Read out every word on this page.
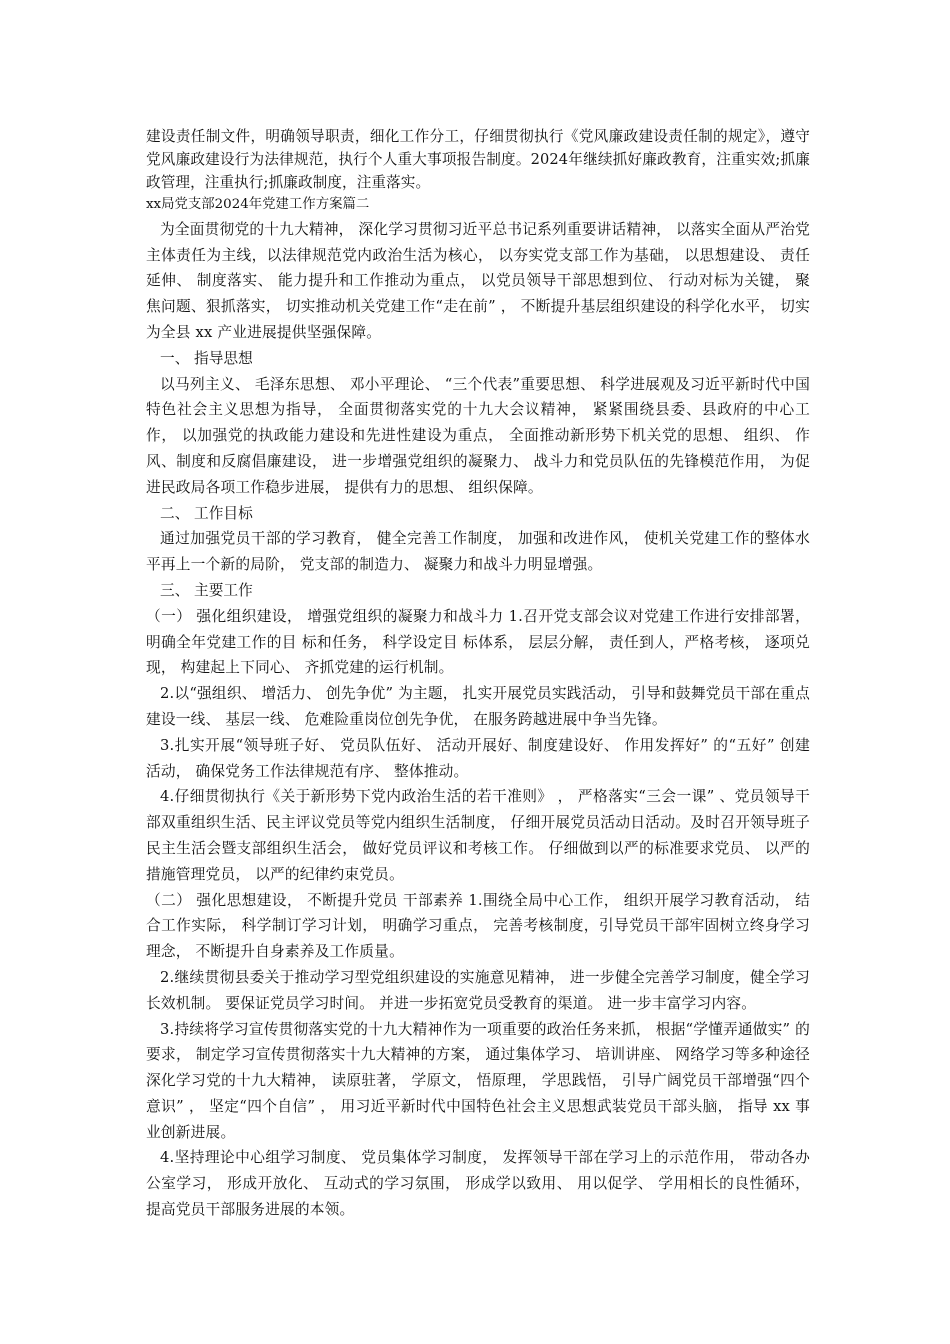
建设责任制文件，明确领导职责，细化工作分工，仔细贯彻执行《党风廉政建设责任制的规定》，遵守党风廉政建设行为法律规范，执行个人重大事项报告制度。2024年继续抓好廉政教育，注重实效;抓廉政管理，注重执行;抓廉政制度，注重落实。

xx局党支部2024年党建工作方案篇二

为全面贯彻党的十九大精神， 深化学习贯彻习近平总书记系列重要讲话精神， 以落实全面从严治党主体责任为主线，以法律规范党内政治生活为核心， 以夯实党支部工作为基础， 以思想建设、 责任延伸、 制度落实、 能力提升和工作推动为重点， 以党员领导干部思想到位、 行动对标为关键， 聚焦问题、狠抓落实， 切实推动机关党建工作“走在前” ， 不断提升基层组织建设的科学化水平， 切实为全县 xx 产业进展提供坚强保障。

一、 指导思想

以马列主义、 毛泽东思想、 邓小平理论、 “三个代表”重要思想、 科学进展观及习近平新时代中国特色社会主义思想为指导， 全面贯彻落实党的十九大会议精神， 紧紧围绕县委、县政府的中心工作， 以加强党的执政能力建设和先进性建设为重点， 全面推动新形势下机关党的思想、 组织、 作风、制度和反腐倡廉建设， 进一步增强党组织的凝聚力、 战斗力和党员队伍的先锋模范作用， 为促进民政局各项工作稳步进展， 提供有力的思想、 组织保障。

二、 工作目标

通过加强党员干部的学习教育， 健全完善工作制度， 加强和改进作风， 使机关党建工作的整体水平再上一个新的局阶， 党支部的制造力、 凝聚力和战斗力明显增强。

三、 主要工作

（一） 强化组织建设， 增强党组织的凝聚力和战斗力 1.召开党支部会议对党建工作进行安排部署， 明确全年党建工作的目 标和任务， 科学设定目 标体系， 层层分解， 责任到人，严格考核， 逐项兑现， 构建起上下同心、 齐抓党建的运行机制。

2.以“强组织、 增活力、 创先争优” 为主题， 扎实开展党员实践活动， 引导和鼓舞党员干部在重点建设一线、 基层一线、 危难险重岗位创先争优， 在服务跨越进展中争当先锋。

3.扎实开展“领导班子好、 党员队伍好、 活动开展好、制度建设好、 作用发挥好” 的“五好” 创建活动， 确保党务工作法律规范有序、 整体推动。

4.仔细贯彻执行《关于新形势下党内政治生活的若干准则》 ， 严格落实“三会一课” 、党员领导干部双重组织生活、民主评议党员等党内组织生活制度， 仔细开展党员活动日活动。及时召开领导班子民主生活会暨支部组织生活会， 做好党员评议和考核工作。 仔细做到以严的标准要求党员、 以严的措施管理党员， 以严的纪律约束党员。

（二） 强化思想建设， 不断提升党员 干部素养 1.围绕全局中心工作， 组织开展学习教育活动， 结合工作实际， 科学制订学习计划， 明确学习重点， 完善考核制度，引导党员干部牢固树立终身学习理念， 不断提升自身素养及工作质量。

2.继续贯彻县委关于推动学习型党组织建设的实施意见精神， 进一步健全完善学习制度，健全学习长效机制。 要保证党员学习时间。 并进一步拓宽党员受教育的渠道。 进一步丰富学习内容。

3.持续将学习宣传贯彻落实党的十九大精神作为一项重要的政治任务来抓， 根据“学懂弄通做实” 的要求， 制定学习宣传贯彻落实十九大精神的方案， 通过集体学习、 培训讲座、 网络学习等多种途径深化学习党的十九大精神， 读原驻著， 学原文， 悟原理， 学思践悟， 引导广阔党员干部增强“四个意识” ， 坚定“四个自信” ， 用习近平新时代中国特色社会主义思想武装党员干部头脑， 指导 xx 事业创新进展。

4.坚持理论中心组学习制度、 党员集体学习制度， 发挥领导干部在学习上的示范作用， 带动各办公室学习， 形成开放化、 互动式的学习氛围， 形成学以致用、 用以促学、 学用相长的良性循环， 提高党员干部服务进展的本领。
